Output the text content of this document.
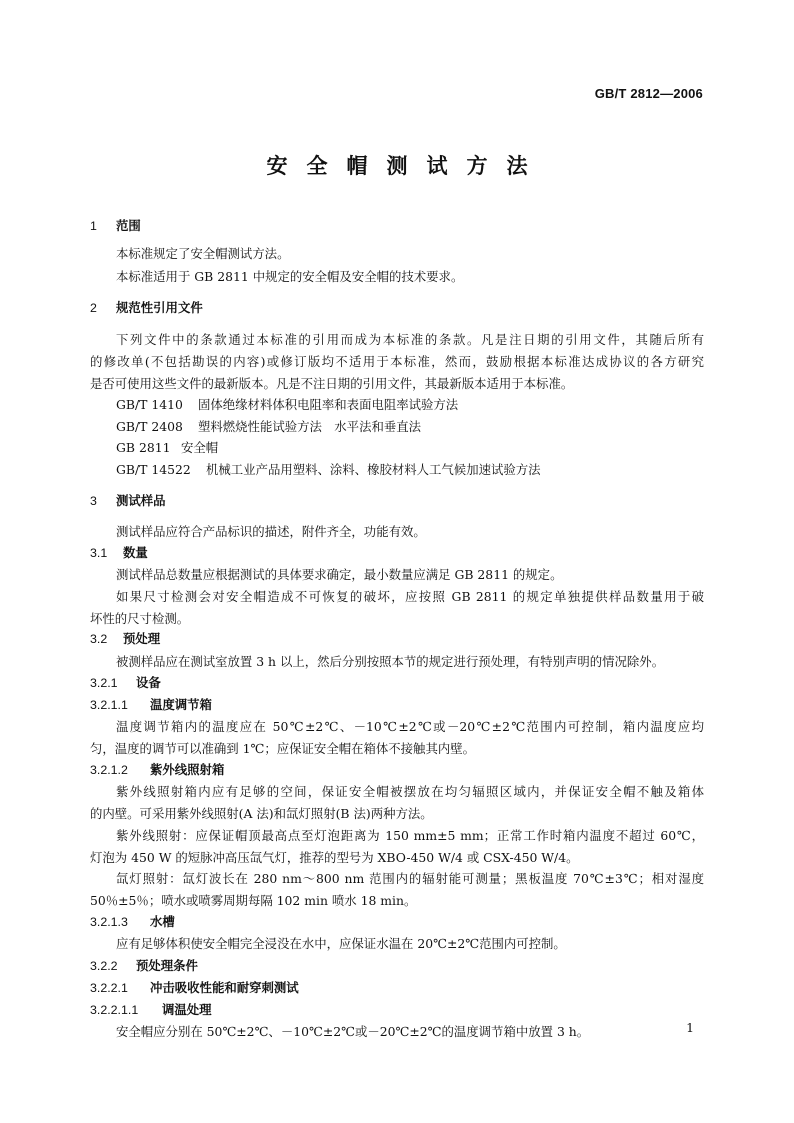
GB/T 2812—2006
安全帽测试方法
1 范围
本标准规定了安全帽测试方法。
本标准适用于 GB 2811 中规定的安全帽及安全帽的技术要求。
2 规范性引用文件
下列文件中的条款通过本标准的引用而成为本标准的条款。凡是注日期的引用文件，其随后所有
的修改单(不包括勘误的内容)或修订版均不适用于本标准，然而，鼓励根据本标准达成协议的各方研究
是否可使用这些文件的最新版本。凡是不注日期的引用文件，其最新版本适用于本标准。
GB/T 1410 固体绝缘材料体积电阻率和表面电阻率试验方法
GB/T 2408 塑料燃烧性能试验方法　水平法和垂直法
GB 2811 安全帽
GB/T 14522 机械工业产品用塑料、涂料、橡胶材料人工气候加速试验方法
3 测试样品
测试样品应符合产品标识的描述，附件齐全，功能有效。
3.1 数量
测试样品总数量应根据测试的具体要求确定，最小数量应满足 GB 2811 的规定。
如果尺寸检测会对安全帽造成不可恢复的破坏，应按照 GB 2811 的规定单独提供样品数量用于破
坏性的尺寸检测。
3.2 预处理
被测样品应在测试室放置 3 h 以上，然后分别按照本节的规定进行预处理，有特别声明的情况除外。
3.2.1 设备
3.2.1.1 温度调节箱
温度调节箱内的温度应在 50℃±2℃、－10℃±2℃或－20℃±2℃范围内可控制，箱内温度应均
匀，温度的调节可以准确到 1℃；应保证安全帽在箱体不接触其内壁。
3.2.1.2 紫外线照射箱
紫外线照射箱内应有足够的空间，保证安全帽被摆放在均匀辐照区域内，并保证安全帽不触及箱体
的内壁。可采用紫外线照射(A 法)和氙灯照射(B 法)两种方法。
紫外线照射：应保证帽顶最高点至灯泡距离为 150 mm±5 mm；正常工作时箱内温度不超过 60℃，
灯泡为 450 W 的短脉冲高压氙气灯，推荐的型号为 XBO-450 W/4 或 CSX-450 W/4。
氙灯照射：氙灯波长在 280 nm～800 nm 范围内的辐射能可测量；黑板温度 70℃±3℃；相对湿度
50％±5％；喷水或喷雾周期每隔 102 min 喷水 18 min。
3.2.1.3 水槽
应有足够体积使安全帽完全浸没在水中，应保证水温在 20℃±2℃范围内可控制。
3.2.2 预处理条件
3.2.2.1 冲击吸收性能和耐穿刺测试
3.2.2.1.1 调温处理
安全帽应分别在 50℃±2℃、－10℃±2℃或－20℃±2℃的温度调节箱中放置 3 h。	1
